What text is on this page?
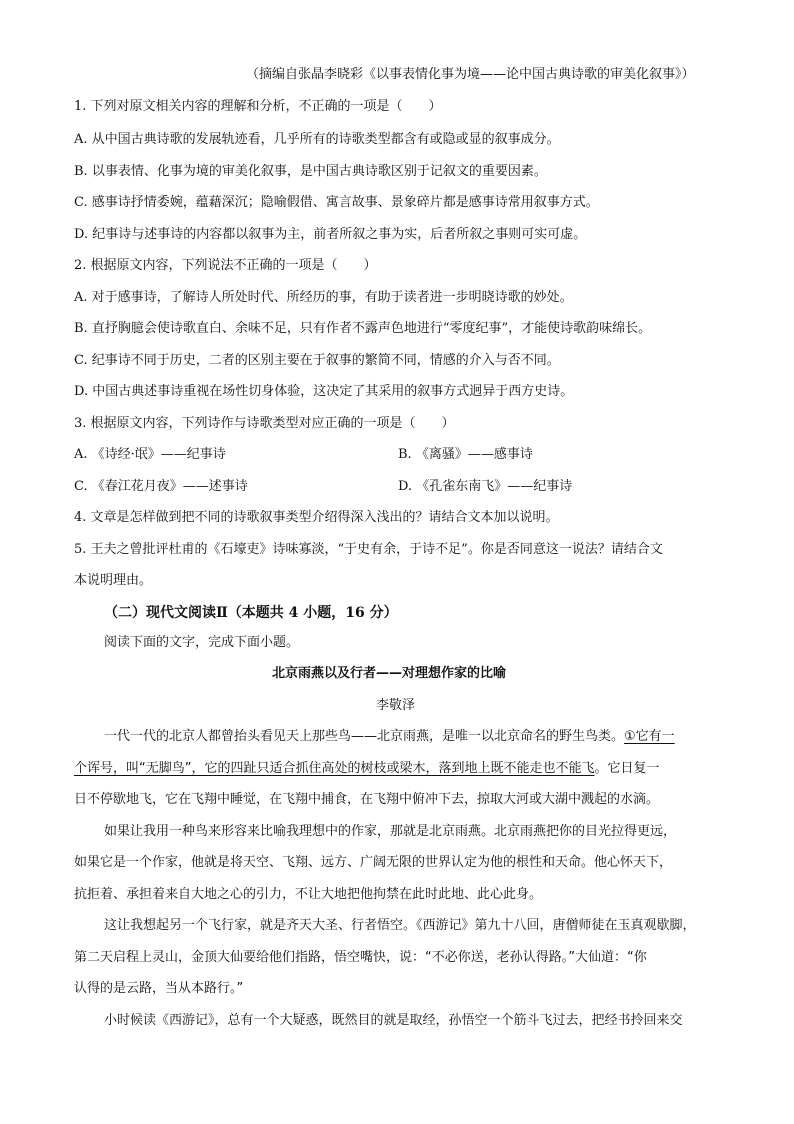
（摘编自张晶李晓彩《以事表情化事为境——论中国古典诗歌的审美化叙事》）
1. 下列对原文相关内容的理解和分析，不正确的一项是（　　）
A. 从中国古典诗歌的发展轨迹看，几乎所有的诗歌类型都含有或隐或显的叙事成分。
B. 以事表情、化事为境的审美化叙事，是中国古典诗歌区别于记叙文的重要因素。
C. 感事诗抒情委婉，蕴藉深沉；隐喻假借、寓言故事、景象碎片都是感事诗常用叙事方式。
D. 纪事诗与述事诗的内容都以叙事为主，前者所叙之事为实，后者所叙之事则可实可虚。
2. 根据原文内容，下列说法不正确的一项是（　　）
A. 对于感事诗，了解诗人所处时代、所经历的事，有助于读者进一步明晓诗歌的妙处。
B. 直抒胸臆会使诗歌直白、余味不足，只有作者不露声色地进行“零度纪事”，才能使诗歌韵味绵长。
C. 纪事诗不同于历史，二者的区别主要在于叙事的繁简不同，情感的介入与否不同。
D. 中国古典述事诗重视在场性切身体验，这决定了其采用的叙事方式迥异于西方史诗。
3. 根据原文内容，下列诗作与诗歌类型对应正确的一项是（　　）
A. 《诗经·氓》——纪事诗	B. 《离骚》——感事诗
C. 《春江花月夜》——述事诗	D. 《孔雀东南飞》——纪事诗
4. 文章是怎样做到把不同的诗歌叙事类型介绍得深入浅出的？请结合文本加以说明。
5. 王夫之曾批评杜甫的《石壕吏》诗味寡淡，“于史有余，于诗不足”。你是否同意这一说法？请结合文
本说明理由。
（二）现代文阅读Ⅱ（本题共 4 小题，16 分）
阅读下面的文字，完成下面小题。
北京雨燕以及行者——对理想作家的比喻
李敬泽
一代一代的北京人都曾抬头看见天上那些鸟——北京雨燕，是唯一以北京命名的野生鸟类。①它有一
个诨号，叫“无脚鸟”，它的四趾只适合抓住高处的树枝或梁木，落到地上既不能走也不能飞。它日复一
日不停歇地飞，它在飞翔中睡觉，在飞翔中捕食，在飞翔中俯冲下去，掠取大河或大湖中溅起的水滴。
如果让我用一种鸟来形容来比喻我理想中的作家，那就是北京雨燕。北京雨燕把你的目光拉得更远，
如果它是一个作家，他就是将天空、飞翔、远方、广阔无限的世界认定为他的根性和天命。他心怀天下，
抗拒着、承担着来自大地之心的引力，不让大地把他拘禁在此时此地、此心此身。
这让我想起另一个飞行家，就是齐天大圣、行者悟空。《西游记》第九十八回，唐僧师徒在玉真观歇脚，
第二天启程上灵山，金顶大仙要给他们指路，悟空嘴快，说：“不必你送，老孙认得路。”大仙道：“你
认得的是云路，当从本路行。”
小时候读《西游记》，总有一个大疑惑，既然目的就是取经，孙悟空一个筋斗飞过去，把经书拎回来交
